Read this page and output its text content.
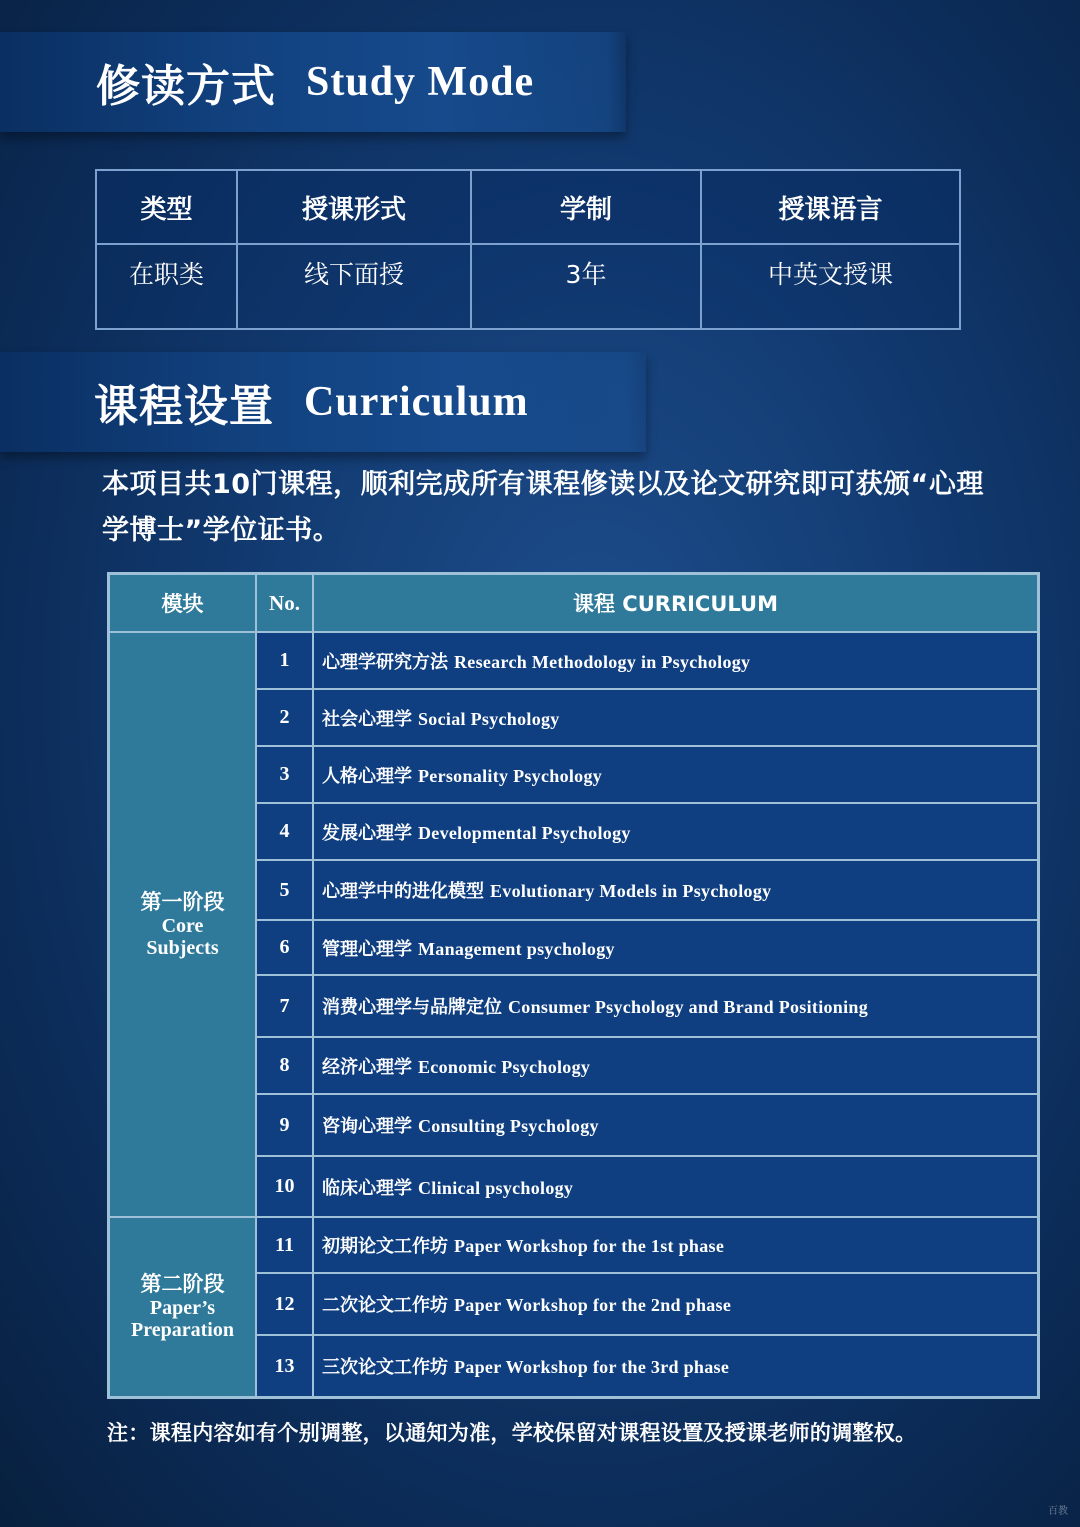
修读方式 Study Mode
类型	授课形式	学制	授课语言
在职类	线下面授	3年	中英文授课
课程设置 Curriculum
本项目共10门课程，顺利完成所有课程修读以及论文研究即可获颁“心理学博士”学位证书。
模块	No.	课程 CURRICULUM

第一阶段
Core
Subjects	1	心理学研究方法 Research Methodology in Psychology
	2	社会心理学 Social Psychology
	3	人格心理学 Personality Psychology
	4	发展心理学 Developmental Psychology
	5	心理学中的进化模型 Evolutionary Models in Psychology
	6	管理心理学 Management psychology
	7	消费心理学与品牌定位 Consumer Psychology and Brand Positioning
	8	经济心理学 Economic Psychology
	9	咨询心理学 Consulting Psychology
	10	临床心理学 Clinical psychology

第二阶段
Paper’s
Preparation	11	初期论文工作坊 Paper Workshop for the 1st phase
	12	二次论文工作坊 Paper Workshop for the 2nd phase
	13	三次论文工作坊 Paper Workshop for the 3rd phase
注：课程内容如有个别调整，以通知为准，学校保留对课程设置及授课老师的调整权。
百教
